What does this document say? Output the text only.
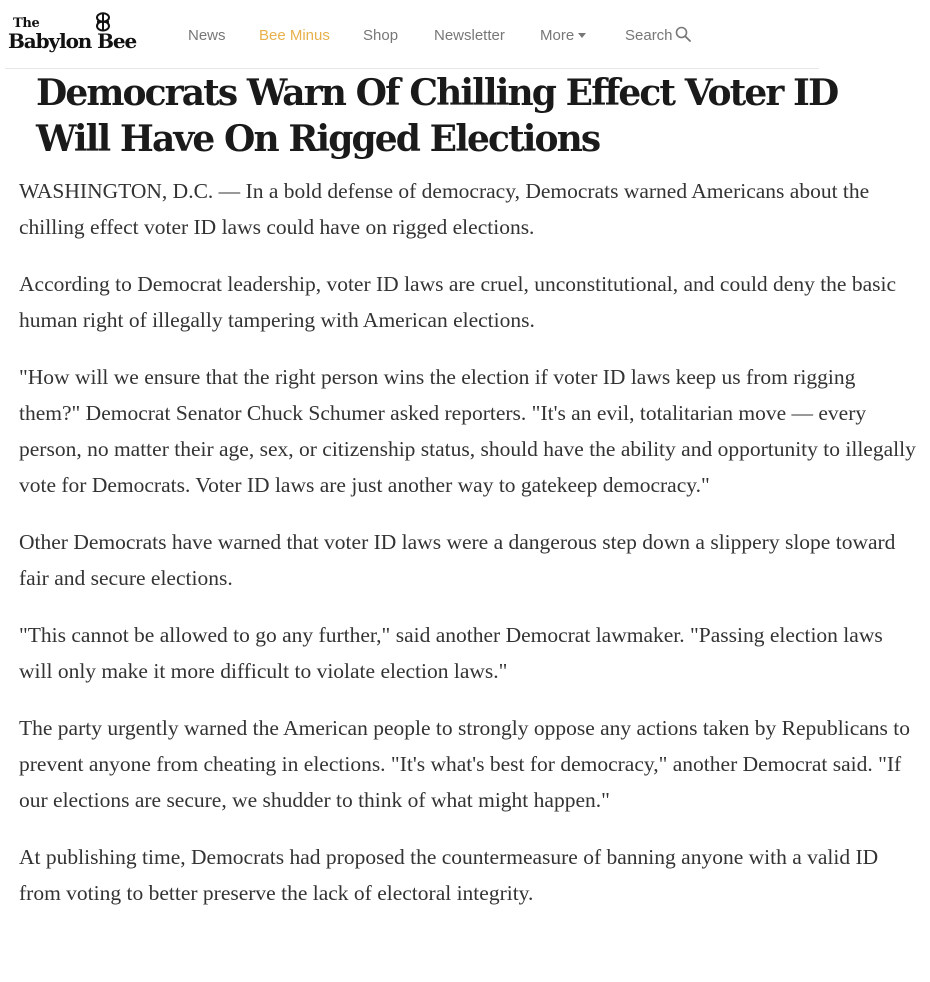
The
Babylon Bee	News Bee Minus Shop Newsletter More	Search
Democrats Warn Of Chilling Effect Voter ID Will Have On Rigged Elections

WASHINGTON, D.C. — In a bold defense of democracy, Democrats warned Americans about the chilling effect voter ID laws could have on rigged elections.

According to Democrat leadership, voter ID laws are cruel, unconstitutional, and could deny the basic human right of illegally tampering with American elections.

"How will we ensure that the right person wins the election if voter ID laws keep us from rigging them?" Democrat Senator Chuck Schumer asked reporters. "It's an evil, totalitarian move — every person, no matter their age, sex, or citizenship status, should have the ability and opportunity to illegally vote for Democrats. Voter ID laws are just another way to gatekeep democracy."

Other Democrats have warned that voter ID laws were a dangerous step down a slippery slope toward fair and secure elections.

"This cannot be allowed to go any further," said another Democrat lawmaker. "Passing election laws will only make it more difficult to violate election laws."

The party urgently warned the American people to strongly oppose any actions taken by Republicans to prevent anyone from cheating in elections. "It's what's best for democracy," another Democrat said. "If our elections are secure, we shudder to think of what might happen."

At publishing time, Democrats had proposed the countermeasure of banning anyone with a valid ID from voting to better preserve the lack of electoral integrity.
